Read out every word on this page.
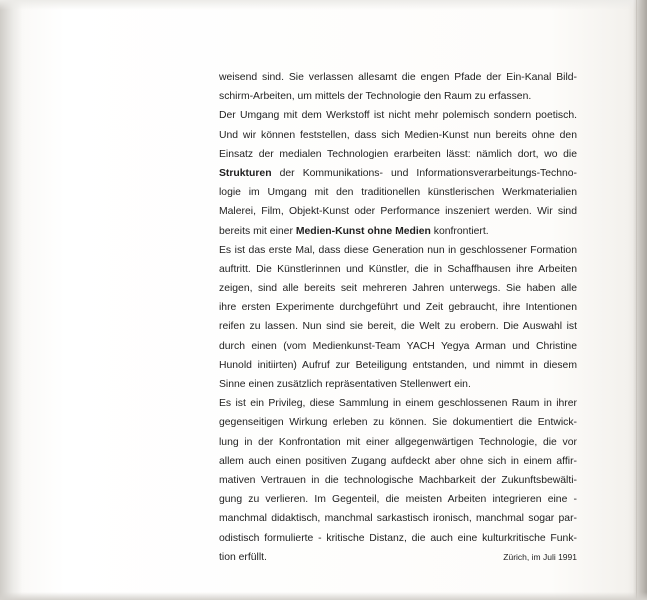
weisend sind. Sie verlassen allesamt die engen Pfade der Ein-Kanal Bild-
schirm-Arbeiten, um mittels der Technologie den Raum zu erfassen.
Der Umgang mit dem Werkstoff ist nicht mehr polemisch sondern poetisch.
Und wir können feststellen, dass sich Medien-Kunst nun bereits ohne den
Einsatz der medialen Technologien erarbeiten lässt: nämlich dort, wo die
Strukturen der Kommunikations- und Informationsverarbeitungs-Techno-
logie im Umgang mit den traditionellen künstlerischen Werkmaterialien
Malerei, Film, Objekt-Kunst oder Performance inszeniert werden. Wir sind
bereits mit einer Medien-Kunst ohne Medien konfrontiert.
Es ist das erste Mal, dass diese Generation nun in geschlossener Formation
auftritt. Die Künstlerinnen und Künstler, die in Schaffhausen ihre Arbeiten
zeigen, sind alle bereits seit mehreren Jahren unterwegs. Sie haben alle
ihre ersten Experimente durchgeführt und Zeit gebraucht, ihre Intentionen
reifen zu lassen. Nun sind sie bereit, die Welt zu erobern. Die Auswahl ist
durch einen (vom Medienkunst-Team YACH Yegya Arman und Christine
Hunold initiirten) Aufruf zur Beteiligung entstanden, und nimmt in diesem
Sinne einen zusätzlich repräsentativen Stellenwert ein.
Es ist ein Privileg, diese Sammlung in einem geschlossenen Raum in ihrer
gegenseitigen Wirkung erleben zu können. Sie dokumentiert die Entwick-
lung in der Konfrontation mit einer allgegenwärtigen Technologie, die vor
allem auch einen positiven Zugang aufdeckt aber ohne sich in einem affir-
mativen Vertrauen in die technologische Machbarkeit der Zukunftsbewälti-
gung zu verlieren. Im Gegenteil, die meisten Arbeiten integrieren eine -
manchmal didaktisch, manchmal sarkastisch ironisch, manchmal sogar par-
odistisch formulierte - kritische Distanz, die auch eine kulturkritische Funk-
tion erfüllt.	Zürich, im Juli 1991
